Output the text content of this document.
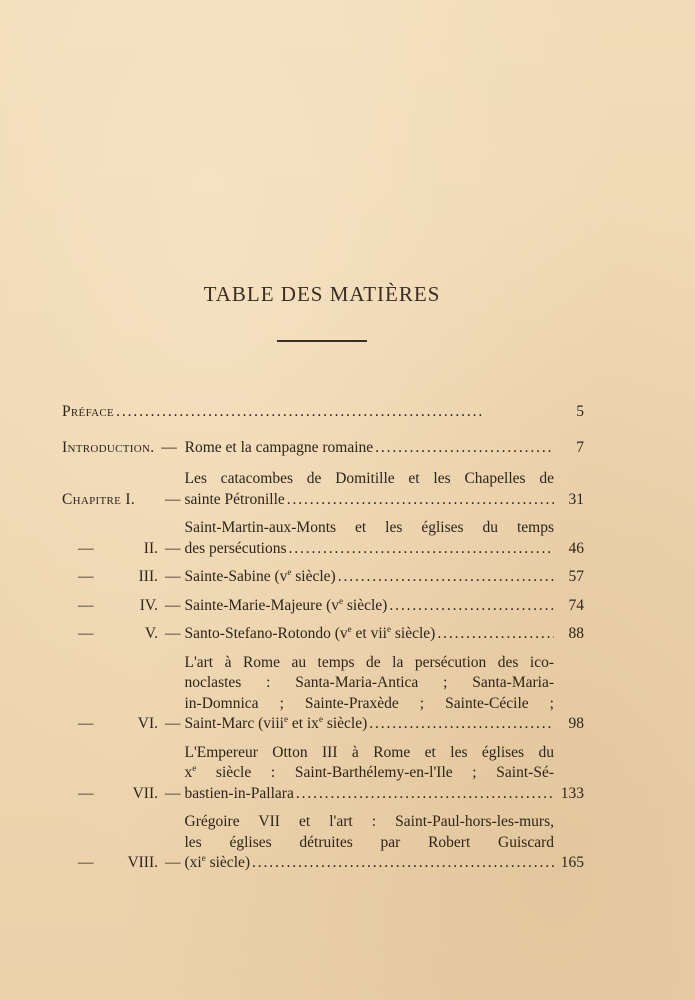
TABLE DES MATIÈRES
Préface . . .	5
Introduction. — Rome et la campagne romaine . . .	7
Chapitre I.	—
Les catacombes de Domitille et les Chapelles de
sainte Pétronille . . .	31
—	II. —
Saint-Martin-aux-Monts et les églises du temps
des persécutions . . .	46
—	III. — Sainte-Sabine ($v^e$ siècle) . . .	57
—	IV. — Sainte-Marie-Majeure ($v^e$ siècle) . . .	74
—	V. — Santo-Stefano-Rotondo ($v^e$ et vii$^e$ siècle) . . .	88
—	VI. —
L'art à Rome au temps de la persécution des ico-
noclastes : Santa-Maria-Antica ; Santa-Maria-
in-Domnica ; Sainte-Praxède ; Sainte-Cécile ;
Saint-Marc (viii$^e$ et $ix^e$ siècle) . . .	98
—	VII. —
L'Empereur Otton III à Rome et les églises du
$x^e$ siècle : Saint-Barthélemy-en-l'Ile ; Saint-Sé-
bastien-in-Pallara . . .	133
—	VIII. —
Grégoire VII et l'art : Saint-Paul-hors-les-murs,
les églises détruites par Robert Guiscard
($xi^e$ siècle) . . .	165
